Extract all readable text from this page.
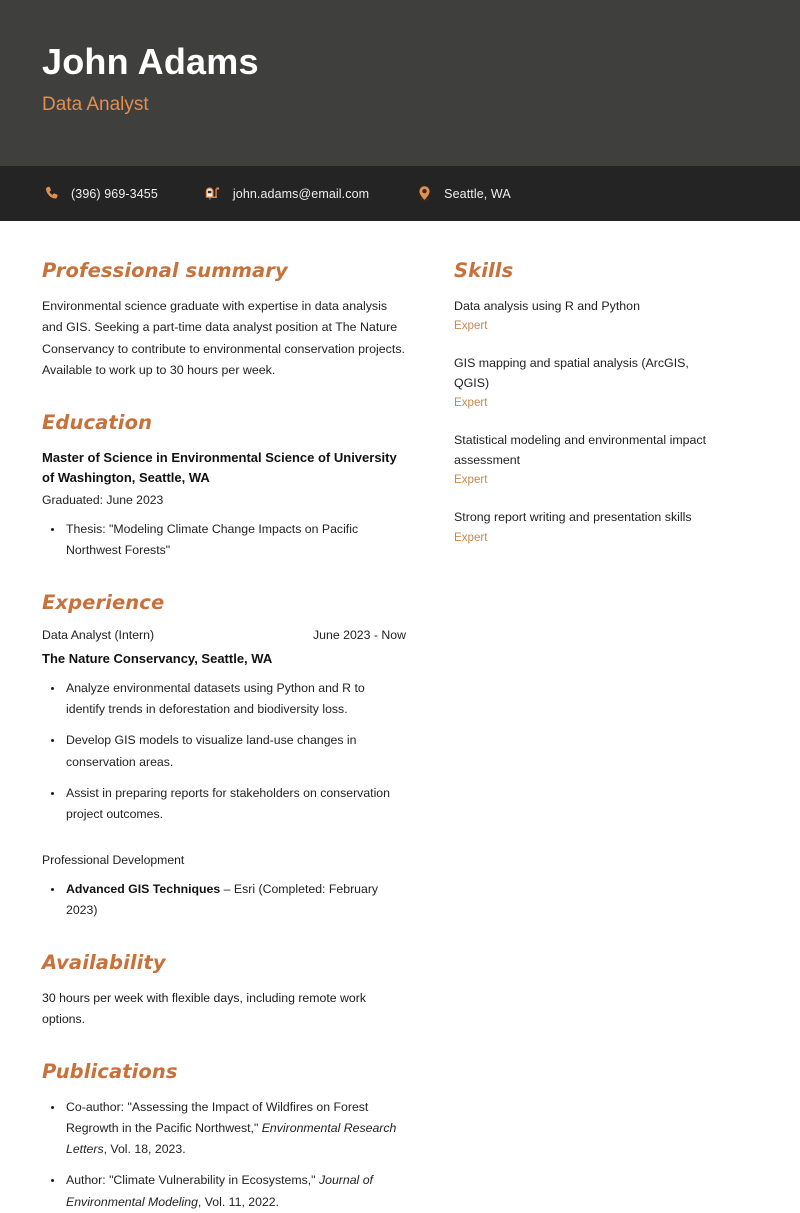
John Adams
Data Analyst
(396) 969-3455	john.adams@email.com	Seattle, WA
Professional summary

Environmental science graduate with expertise in data analysis and GIS. Seeking a part-time data analyst position at The Nature Conservancy to contribute to environmental conservation projects. Available to work up to 30 hours per week.

Education

Master of Science in Environmental Science of University of Washington, Seattle, WA

Graduated: June 2023

• Thesis: "Modeling Climate Change Impacts on Pacific Northwest Forests"
Experience
Data Analyst (Intern)	June 2023 - Now

The Nature Conservancy, Seattle, WA

• Analyze environmental datasets using Python and R to identify trends in deforestation and biodiversity loss.
• Develop GIS models to visualize land-use changes in conservation areas.
• Assist in preparing reports for stakeholders on conservation project outcomes.

Professional Development

• Advanced GIS Techniques – Esri (Completed: February 2023)
Availability

30 hours per week with flexible days, including remote work options.

Publications
• Co-author: "Assessing the Impact of Wildfires on Forest Regrowth in the Pacific Northwest," Environmental Research Letters, Vol. 18, 2023.
• Author: "Climate Vulnerability in Ecosystems," Journal of Environmental Modeling, Vol. 11, 2022.
Skills

Data analysis using R and Python

Expert

GIS mapping and spatial analysis (ArcGIS, QGIS)

Expert

Statistical modeling and environmental impact assessment

Expert

Strong report writing and presentation skills

Expert
